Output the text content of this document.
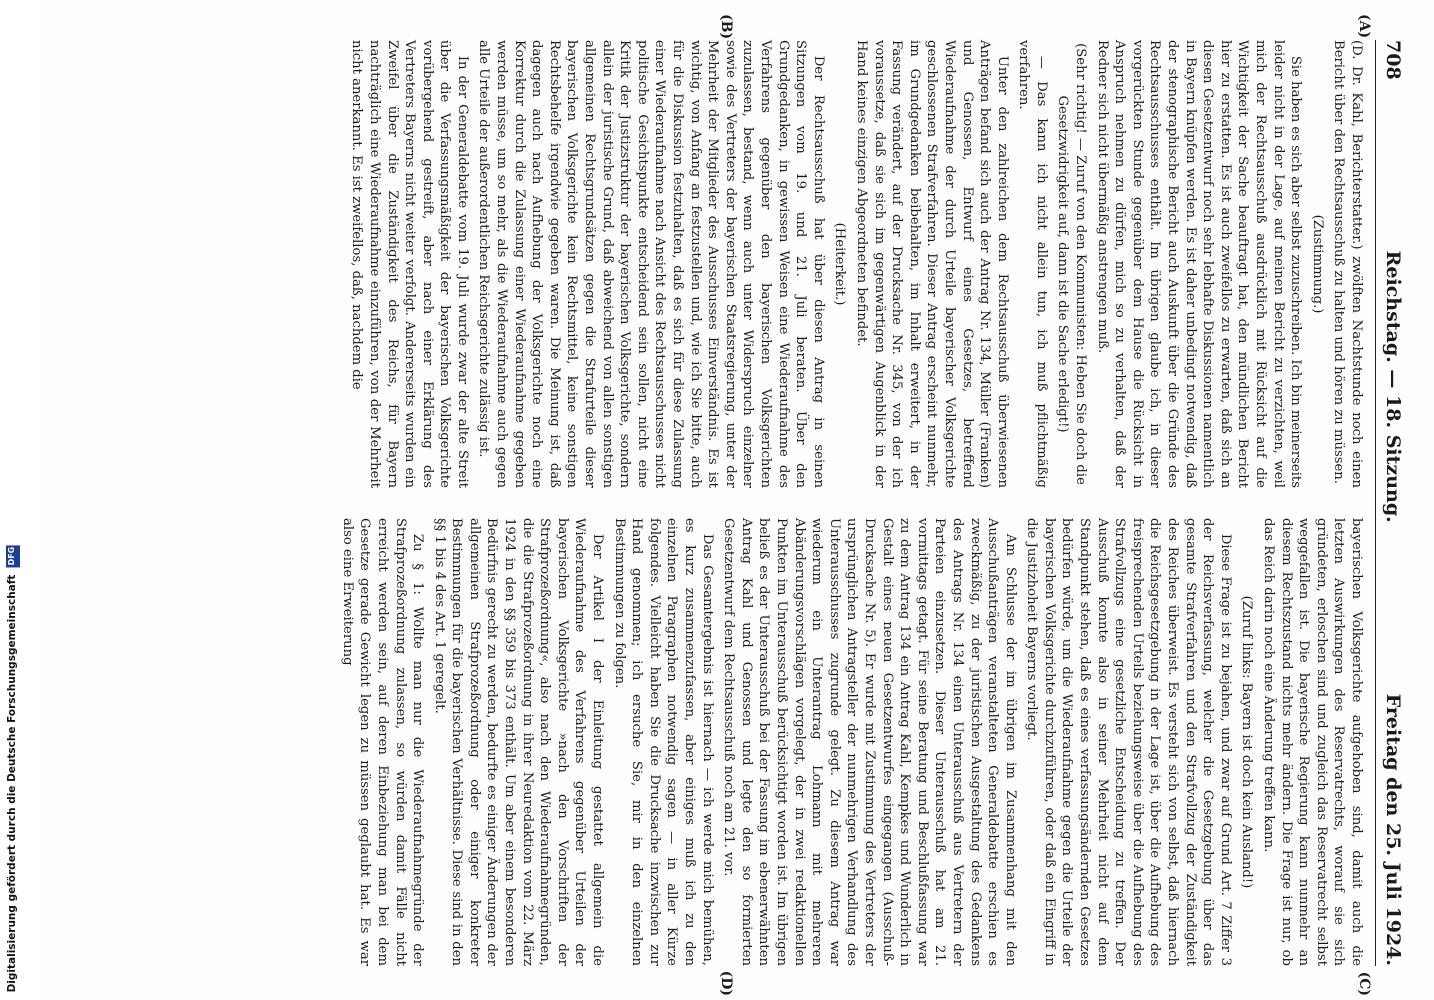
Digitalisierung gefördert durch die Deutsche Forschungsgemeinschaft DFG
708
Reichstag. — 18. Sitzung.
Freitag den 25. Juli 1924.
(A)
(B)
(C)
(D)

(D. Dr. Kahl, Berichterstatter.) zwölften Nachtstunde noch einen Bericht über den Rechtsausschuß zu halten und hören zu müssen.

(Zustimmung.)

Sie haben es sich aber selbst zuzuschreiben. Ich bin meinerseits leider nicht in der Lage, auf meinen Bericht zu verzichten, weil mich der Rechtsausschuß ausdrücklich mit Rücksicht auf die Wichtigkeit der Sache beauftragt hat, den mündlichen Bericht hier zu erstatten. Es ist auch zweifellos zu erwarten, daß sich an diesen Gesetzentwurf noch sehr lebhafte Diskussionen namentlich in Bayern knüpfen werden. Es ist daher unbedingt notwendig, daß der stenographische Bericht auch Auskunft über die Gründe des Rechtsausschusses enthält. Im übrigen glaube ich, in dieser vorgerückten Stunde gegenüber dem Hause die Rücksicht in Anspruch nehmen zu dürfen, mich so zu verhalten, daß der Redner sich nicht übermäßig anstrengen muß.

(Sehr richtig! — Zuruf von den Kommunisten: Heben Sie doch die Gesetzwidrigkeit auf, dann ist die Sache erledigt!)

— Das kann ich nicht allein tun, ich muß pflichtmäßig verfahren.

Unter den zahlreichen dem Rechtsausschuß überwiesenen Anträgen befand sich auch der Antrag Nr. 134, Müller (Franken) und Genossen, Entwurf eines Gesetzes, betreffend Wiederaufnahme der durch Urteile bayerischer Volksgerichte geschlossenen Strafverfahren. Dieser Antrag erscheint nunmehr, im Grundgedanken beibehalten, im Inhalt erweitert, in der Fassung verändert, auf der Drucksache Nr. 345, von der ich voraussetze, daß sie sich im gegenwärtigen Augenblick in der Hand keines einzigen Abgeordneten befindet.

(Heiterkeit.)

Der Rechtsausschuß hat über diesen Antrag in seinen Sitzungen vom 19. und 21. Juli beraten. Über den Grundgedanken, in gewissen Weisen eine Wiederaufnahme des Verfahrens gegenüber den bayerischen Volksgerichten zuzulassen, bestand, wenn auch unter Widerspruch einzelner sowie des Vertreters der bayerischen Staatsregierung, unter der Mehrheit der Mitglieder des Ausschusses Einverständnis. Es ist wichtig, von Anfang an festzustellen und, wie ich Sie bitte, auch für die Diskussion festzuhalten, daß es sich für diese Zulassung einer Wiederaufnahme nach Ansicht des Rechtsausschusses nicht politische Gesichtspunkte entscheidend sein sollen, nicht eine Kritik der Justizstruktur der bayerischen Volksgerichte, sondern allein der juristische Grund, daß abweichend von allen sonstigen allgemeinen Rechtsgrundsätzen gegen die Strafurteile dieser bayerischen Volksgerichte kein Rechtsmittel, keine sonstigen Rechtsbehelfe irgendwie gegeben waren. Die Meinung ist, daß dagegen auch nach Aufhebung der Volksgerichte noch eine Korrektur durch die Zulassung einer Wiederaufnahme gegeben werden müsse, um so mehr, als die Wiederaufnahme auch gegen alle Urteile der außerordentlichen Reichsgerichte zulässig ist.

In der Generaldebatte vom 19. Juli wurde zwar der alte Streit über die Verfassungsmäßigkeit der bayerischen Volksgerichte vorübergehend gestreift, aber nach einer Erklärung des Vertreters Bayerns nicht weiter verfolgt. Andererseits wurden ein Zweifel über die Zuständigkeit des Reichs, für Bayern nachträglich eine Wiederaufnahme einzuführen, von der Mehrheit nicht anerkannt. Es ist zweifellos, daß, nachdem die

bayerischen Volksgerichte aufgehoben sind, damit auch die letzten Auswirkungen des Reservatrechts, worauf sie sich gründeten, erloschen sind und zugleich das Reservatrecht selbst weggefallen ist. Die bayerische Regierung kann nunmehr an diesem Rechtszustand nichts mehr ändern. Die Frage ist nur, ob das Reich darin noch eine Änderung treffen kann.

(Zuruf links: Bayern ist doch kein Ausland!)

Diese Frage ist zu bejahen, und zwar auf Grund Art. 7 Ziffer 3 der Reichsverfassung, welcher die Gesetzgebung über das gesamte Strafverfahren und den Strafvollzug der Zuständigkeit des Reiches überweist. Es versteht sich von selbst, daß hiernach die Reichsgesetzgebung in der Lage ist, über die Aufhebung des freisprechenden Urteils beziehungsweise über die Aufhebung des Strafvollzugs eine gesetzliche Entscheidung zu treffen. Der Ausschuß konnte also in seiner Mehrheit nicht auf dem Standpunkt stehen, daß es eines verfassungsändernden Gesetzes bedürfen würde, um die Wiederaufnahme gegen die Urteile der bayerischen Volksgerichte durchzuführen, oder daß ein Eingriff in die Justizhoheit Bayerns vorliegt.

Am Schlusse der im übrigen im Zusammenhang mit den Ausschußanträgen veranstalteten Generaldebatte erschien es zweckmäßig, zu der juristischen Ausgestaltung des Gedankens des Antrags Nr. 134 einen Unterausschuß aus Vertretern der Parteien einzusetzen. Dieser Unterausschuß hat am 21. vormittags getagt. Für seine Beratung und Beschlußfassung war zu dem Antrag 134 ein Antrag Kahl, Kempkes und Wunderlich in Gestalt eines neuen Gesetzentwurfes eingegangen (Ausschuß-Drucksache Nr. 5). Er wurde mit Zustimmung des Vertreters der ursprünglichen Antragsteller der nunmehrigen Verhandlung des Unterausschusses zugrunde gelegt. Zu diesem Antrag war wiederum ein Unterantrag Lohmann mit mehreren Abänderungsvorschlägen vorgelegt, der in zwei redaktionellen Punkten im Unterausschuß berücksichtigt worden ist. Im übrigen beließ es der Unterausschuß bei der Fassung im ebenerwähnten Antrag Kahl und Genossen und legte den so formierten Gesetzentwurf dem Rechtsausschuß noch am 21. vor.

Das Gesamtergebnis ist hiernach — ich werde mich bemühen, es kurz zusammenzufassen, aber einiges muß ich zu den einzelnen Paragraphen notwendig sagen — in aller Kürze folgendes. Vielleicht haben Sie die Drucksache inzwischen zur Hand genommen; ich ersuche Sie, mir in den einzelnen Bestimmungen zu folgen.

Der Artikel I der Einleitung gestattet allgemein die Wiederaufnahme des Verfahrens gegenüber Urteilen der bayerischen Volksgerichte »nach den Vorschriften der Strafprozeßordnung«, also nach den Wiederaufnahmegründen, die die Strafprozeßordnung in ihrer Neuredaktion vom 22. März 1924 in den §§ 359 bis 373 enthält. Um aber einem besonderen Bedürfnis gerecht zu werden, bedurfte es einiger Änderungen der allgemeinen Strafprozeßordnung oder einiger konkreter Bestimmungen für die bayerischen Verhältnisse. Diese sind in den §§ 1 bis 4 des Art. 1 geregelt.

Zu § 1: Wollte man nur die Wiederaufnahmegründe der Strafprozeßordnung zulassen, so würden damit Fälle nicht erreicht werden sein, auf deren Einbeziehung man bei dem Gesetze gerade Gewicht legen zu müssen geglaubt hat. Es war also eine Erweiterung
